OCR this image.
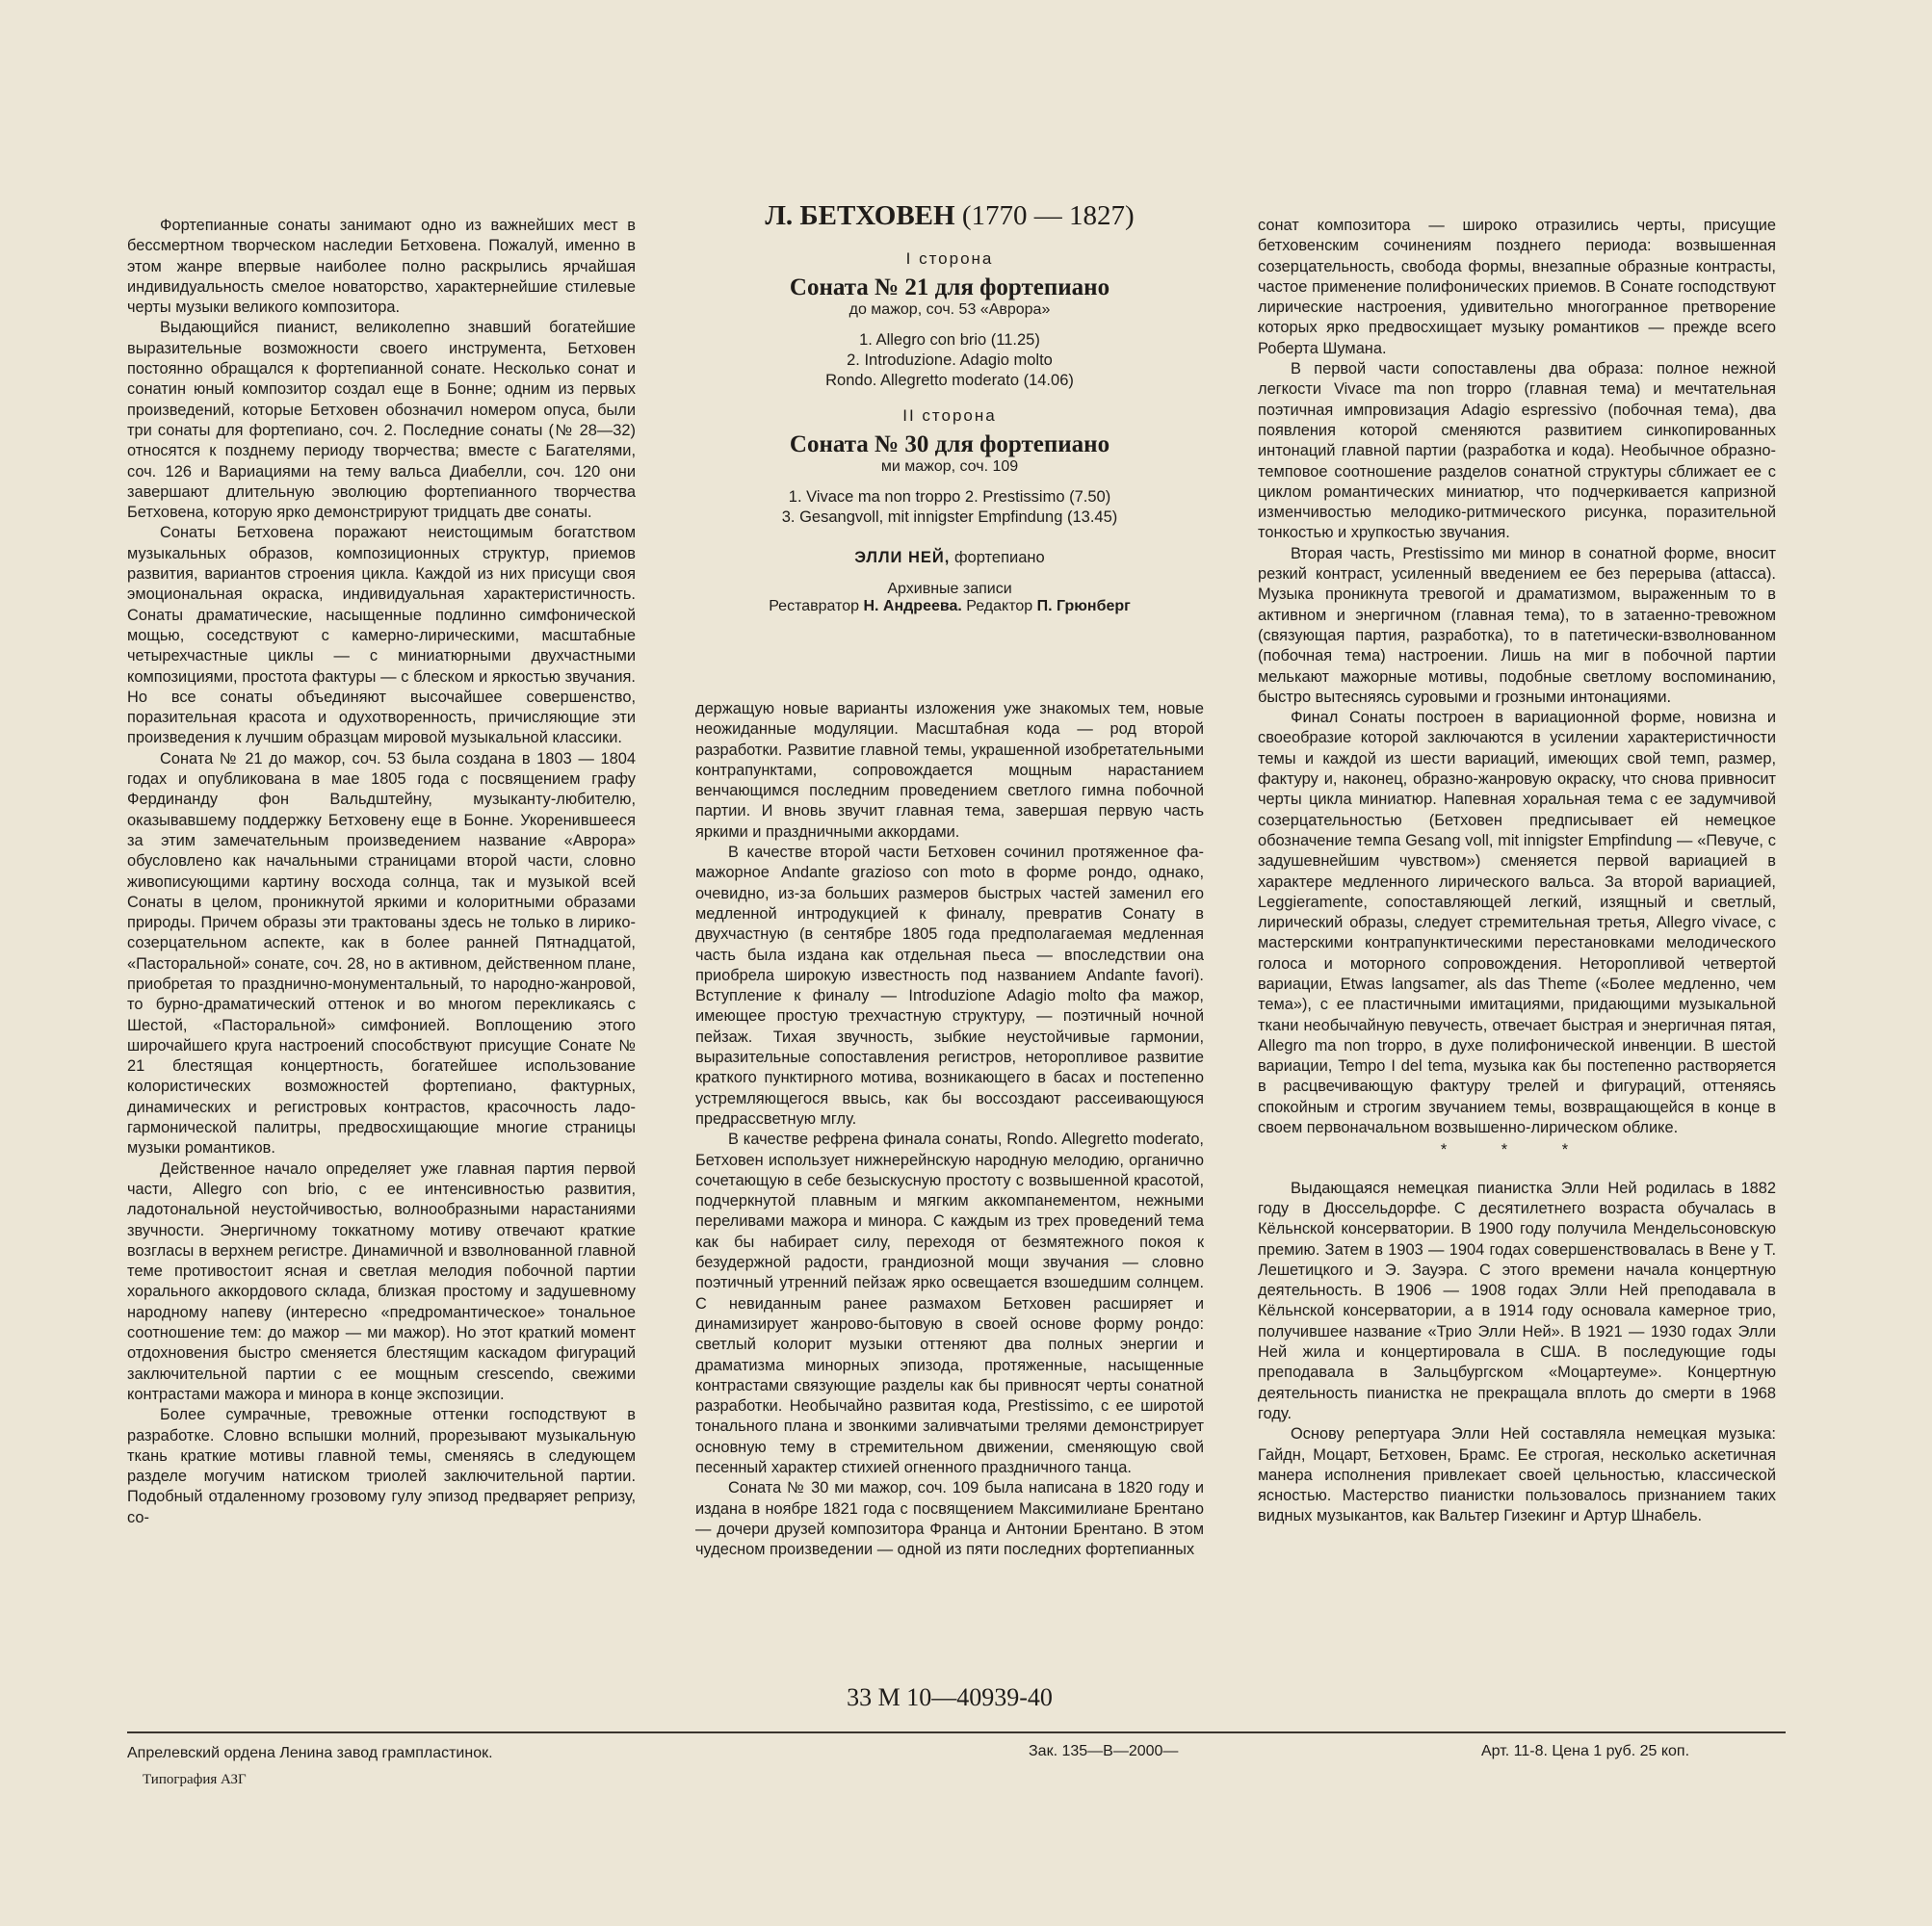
Фортепианные сонаты занимают одно из важнейших мест в бессмертном творческом наследии Бетховена. Пожалуй, именно в этом жанре впервые наиболее полно раскрылись ярчайшая индивидуальность смелое новаторство, характернейшие стилевые черты музыки великого композитора.

Выдающийся пианист, великолепно знавший богатейшие выразительные возможности своего инструмента, Бетховен постоянно обращался к фортепианной сонате. Несколько сонат и сонатин юный композитор создал еще в Бонне; одним из первых произведений, которые Бетховен обозначил номером опуса, были три сонаты для фортепиано, соч. 2. Последние сонаты (№ 28—32) относятся к позднему периоду творчества; вместе с Багателями, соч. 126 и Вариациями на тему вальса Диабелли, соч. 120 они завершают длительную эволюцию фортепианного творчества Бетховена, которую ярко демонстрируют тридцать две сонаты.

Сонаты Бетховена поражают неистощимым богатством музыкальных образов, композиционных структур, приемов развития, вариантов строения цикла. Каждой из них присущи своя эмоциональная окраска, индивидуальная характеристичность. Сонаты драматические, насыщенные подлинно симфонической мощью, соседствуют с камерно-лирическими, масштабные четырехчастные циклы — с миниатюрными двухчастными композициями, простота фактуры — с блеском и яркостью звучания. Но все сонаты объединяют высочайшее совершенство, поразительная красота и одухотворенность, причисляющие эти произведения к лучшим образцам мировой музыкальной классики.

Соната № 21 до мажор, соч. 53 была создана в 1803 — 1804 годах и опубликована в мае 1805 года с посвящением графу Фердинанду фон Вальдштейну, музыканту-любителю, оказывавшему поддержку Бетховену еще в Бонне. Укоренившееся за этим замечательным произведением название «Аврора» обусловлено как начальными страницами второй части, словно живописующими картину восхода солнца, так и музыкой всей Сонаты в целом, проникнутой яркими и колоритными образами природы. Причем образы эти трактованы здесь не только в лирико-созерцательном аспекте, как в более ранней Пятнадцатой, «Пасторальной» сонате, соч. 28, но в активном, действенном плане, приобретая то празднично-монументальный, то народно-жанровой, то бурно-драматический оттенок и во многом перекликаясь с Шестой, «Пасторальной» симфонией. Воплощению этого широчайшего круга настроений способствуют присущие Сонате № 21 блестящая концертность, богатейшее использование колористических возможностей фортепиано, фактурных, динамических и регистровых контрастов, красочность ладо-гармонической палитры, предвосхищающие многие страницы музыки романтиков.

Действенное начало определяет уже главная партия первой части, Allegro con brio, с ее интенсивностью развития, ладотональной неустойчивостью, волнообразными нарастаниями звучности. Энергичному токкатному мотиву отвечают краткие возгласы в верхнем регистре. Динамичной и взволнованной главной теме противостоит ясная и светлая мелодия побочной партии хорального аккордового склада, близкая простому и задушевному народному напеву (интересно «предромантическое» тональное соотношение тем: до мажор — ми мажор). Но этот краткий момент отдохновения быстро сменяется блестящим каскадом фигураций заключительной партии с ее мощным crescendo, свежими контрастами мажора и минора в конце экспозиции.

Более сумрачные, тревожные оттенки господствуют в разработке. Словно вспышки молний, прорезывают музыкальную ткань краткие мотивы главной темы, сменяясь в следующем разделе могучим натиском триолей заключительной партии. Подобный отдаленному грозовому гулу эпизод предваряет репризу, со-

Л. БЕТХОВЕН (1770 — 1827)
I сторона
Соната № 21 для фортепиано
до мажор, соч. 53 «Аврора»
1. Allegro con brio (11.25)
2. Introduzione. Adagio molto
Rondo. Allegretto moderato (14.06)
II сторона
Соната № 30 для фортепиано
ми мажор, соч. 109
1. Vivace ma non troppo 2. Prestissimo (7.50)
3. Gesangvoll, mit innigster Empfindung (13.45)
ЭЛЛИ НЕЙ, фортепиано
Архивные записи
Реставратор Н. Андреева. Редактор П. Грюнберг

держащую новые варианты изложения уже знакомых тем, новые неожиданные модуляции. Масштабная кода — род второй разработки. Развитие главной темы, украшенной изобретательными контрапунктами, сопровождается мощным нарастанием венчающимся последним проведением светлого гимна побочной партии. И вновь звучит главная тема, завершая первую часть яркими и праздничными аккордами.

В качестве второй части Бетховен сочинил протяженное фа-мажорное Andante grazioso con moto в форме рондо, однако, очевидно, из-за больших размеров быстрых частей заменил его медленной интродукцией к финалу, превратив Сонату в двухчастную (в сентябре 1805 года предполагаемая медленная часть была издана как отдельная пьеса — впоследствии она приобрела широкую известность под названием Andante favori). Вступление к финалу — Introduzione Adagio molto фа мажор, имеющее простую трехчастную структуру, — поэтичный ночной пейзаж. Тихая звучность, зыбкие неустойчивые гармонии, выразительные сопоставления регистров, неторопливое развитие краткого пунктирного мотива, возникающего в басах и постепенно устремляющегося ввысь, как бы воссоздают рассеивающуюся предрассветную мглу.

В качестве рефрена финала сонаты, Rondo. Allegretto moderato, Бетховен использует нижнерейнскую народную мелодию, органично сочетающую в себе безыскусную простоту с возвышенной красотой, подчеркнутой плавным и мягким аккомпанементом, нежными переливами мажора и минора. С каждым из трех проведений тема как бы набирает силу, переходя от безмятежного покоя к безудержной радости, грандиозной мощи звучания — словно поэтичный утренний пейзаж ярко освещается взошедшим солнцем. С невиданным ранее размахом Бетховен расширяет и динамизирует жанрово-бытовую в своей основе форму рондо: светлый колорит музыки оттеняют два полных энергии и драматизма минорных эпизода, протяженные, насыщенные контрастами связующие разделы как бы привносят черты сонатной разработки. Необычайно развитая кода, Prestissimo, с ее широтой тонального плана и звонкими заливчатыми трелями демонстрирует основную тему в стремительном движении, сменяющую свой песенный характер стихией огненного праздничного танца.

Соната № 30 ми мажор, соч. 109 была написана в 1820 году и издана в ноябре 1821 года с посвящением Максимилиане Брентано — дочери друзей композитора Франца и Антонии Брентано. В этом чудесном произведении — одной из пяти последних фортепианных

сонат композитора — широко отразились черты, присущие бетховенским сочинениям позднего периода: возвышенная созерцательность, свобода формы, внезапные образные контрасты, частое применение полифонических приемов. В Сонате господствуют лирические настроения, удивительно многогранное претворение которых ярко предвосхищает музыку романтиков — прежде всего Роберта Шумана.

В первой части сопоставлены два образа: полное нежной легкости Vivace ma non troppo (главная тема) и мечтательная поэтичная импровизация Adagio espressivo (побочная тема), два появления которой сменяются развитием синкопированных интонаций главной партии (разработка и кода). Необычное образно-темповое соотношение разделов сонатной структуры сближает ее с циклом романтических миниатюр, что подчеркивается капризной изменчивостью мелодико-ритмического рисунка, поразительной тонкостью и хрупкостью звучания.

Вторая часть, Prestissimo ми минор в сонатной форме, вносит резкий контраст, усиленный введением ее без перерыва (attacca). Музыка проникнута тревогой и драматизмом, выраженным то в активном и энергичном (главная тема), то в затаенно-тревожном (связующая партия, разработка), то в патетически-взволнованном (побочная тема) настроении. Лишь на миг в побочной партии мелькают мажорные мотивы, подобные светлому воспоминанию, быстро вытесняясь суровыми и грозными интонациями.

Финал Сонаты построен в вариационной форме, новизна и своеобразие которой заключаются в усилении характеристичности темы и каждой из шести вариаций, имеющих свой темп, размер, фактуру и, наконец, образно-жанровую окраску, что снова привносит черты цикла миниатюр. Напевная хоральная тема с ее задумчивой созерцательностью (Бетховен предписывает ей немецкое обозначение темпа Gesang voll, mit innigster Empfindung — «Певуче, с задушевнейшим чувством») сменяется первой вариацией в характере медленного лирического вальса. За второй вариацией, Leggieramente, сопоставляющей легкий, изящный и светлый, лирический образы, следует стремительная третья, Allegro vivace, с мастерскими контрапунктическими перестановками мелодического голоса и моторного сопровождения. Неторопливой четвертой вариации, Etwas langsamer, als das Theme («Более медленно, чем тема»), с ее пластичными имитациями, придающими музыкальной ткани необычайную певучесть, отвечает быстрая и энергичная пятая, Allegro ma non troppo, в духе полифонической инвенции. В шестой вариации, Tempo I del tema, музыка как бы постепенно растворяется в расцвечивающую фактуру трелей и фигураций, оттеняясь спокойным и строгим звучанием темы, возвращающейся в конце в своем первоначальном возвышенно-лирическом облике.

* * *

Выдающаяся немецкая пианистка Элли Ней родилась в 1882 году в Дюссельдорфе. С десятилетнего возраста обучалась в Кёльнской консерватории. В 1900 году получила Мендельсоновскую премию. Затем в 1903 — 1904 годах совершенствовалась в Вене у Т. Лешетицкого и Э. Зауэра. С этого времени начала концертную деятельность. В 1906 — 1908 годах Элли Ней преподавала в Кёльнской консерватории, а в 1914 году основала камерное трио, получившее название «Трио Элли Ней». В 1921 — 1930 годах Элли Ней жила и концертировала в США. В последующие годы преподавала в Зальцбургском «Моцартеуме». Концертную деятельность пианистка не прекращала вплоть до смерти в 1968 году.

Основу репертуара Элли Ней составляла немецкая музыка: Гайдн, Моцарт, Бетховен, Брамс. Ее строгая, несколько аскетичная манера исполнения привлекает своей цельностью, классической ясностью. Мастерство пианистки пользовалось признанием таких видных музыкантов, как Вальтер Гизекинг и Артур Шнабель.

33 М 10—40939-40
Апрелевский ордена Ленина завод грампластинок.	Зак. 135—В—2000—	Арт. 11-8. Цена 1 руб. 25 коп.
Типография АЗГ
